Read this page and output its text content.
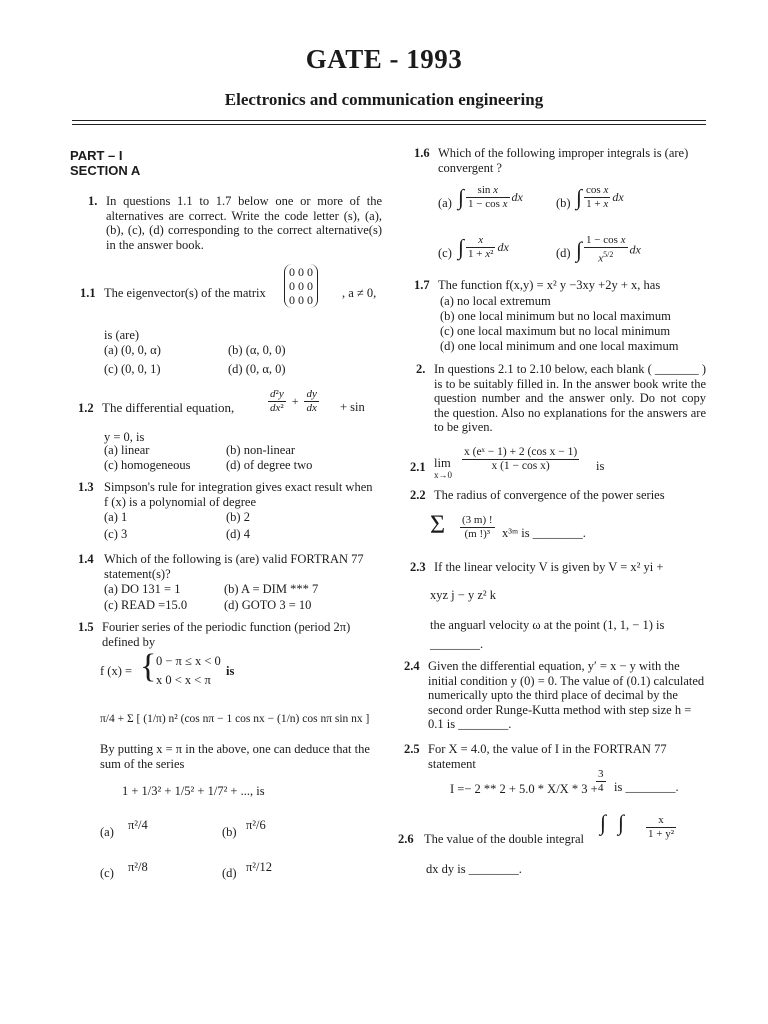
GATE - 1993
Electronics and communication engineering
PART – I
SECTION A
1. In questions 1.1 to 1.7 below one or more of the alternatives are correct. Write the code letter (s), (a), (b), (c), (d) corresponding to the correct alternative(s) in the answer book.
1.1 The eigenvector(s) of the matrix
0 0 0
0 0 0
0 0 0 , a ≠ 0,
is (are)
(a) (0, 0, α)	(b) (α, 0, 0)
(c) (0, 0, 1)	(d) (0, α, 0)
1.2 The differential equation,	$\frac{\text{d²y}}{\text{dx²}} + \frac{dy}{dx} + \sin$
y = 0, is
(a) linear	(b) non-linear
(c) homogeneous	(d) of degree two
1.3 Simpson's rule for integration gives exact result when f (x) is a polynomial of degree
(a) 1	(b) 2
(c) 3	(d) 4
1.4 Which of the following is (are) valid FORTRAN 77 statement(s)?
(a) DO 131 = 1	(b) A = DIM *** 7
(c) READ =15.0	(d) GOTO 3 = 10
1.5 Fourier series of the periodic function (period 2π) defined by
f (x) = { 0 − π ≤ x < 0
x 0 < x < π
is
π/4 + Σ [ (1/π) n² (cos nπ − 1 cos nx − (1/n) cos nπ sin nx ]
By putting x = π in the above, one can deduce that the sum of the series
1 + 1/3² + 1/5² + 1/7² + ..., is
(a) π²/4	(b) π²/6
(c) π²/8	(d) π²/12
1.6 Which of the following improper integrals is (are) convergent ?
(a) ∫ $\frac{\text{sin x}}{\text{1 − cos x}}$ dx	(b) ∫ $\frac{\text{cos x}}{1 + x}$ dx
(c) ∫ $\frac{x}{\text{1 + x²}}$ dx	(d) ∫ $\frac{\text{1 − cos x}}{x^{5/2}}$ dx
1.7 The function f(x,y) = x² y −3xy +2y + x, has
(a) no local extremum
(b) one local minimum but no local maximum
(c) one local maximum but no local minimum
(d) one local minimum and one local maximum
2. In questions 2.1 to 2.10 below, each blank ( _______ ) is to be suitably filled in. In the answer book write the question number and the answer only. Do not copy the question. Also no explanations for the answers are to be given.
2.1 lim
x→0
$\frac{\text{x (eˣ − 1) + 2 (cos x − 1)}}{\text{x (1 − cos x)}}$ is
2.2 The radius of convergence of the power series
Σ $\frac{(3 m) !}{\text{(m !)³}}$ x³ᵐ is ________.
2.3 If the linear velocity V is given by V = x² yi +
xyz j − y z² k
the anguarl velocity ω at the point (1, 1, − 1) is
________.
2.4 Given the differential equation, y′ = x − y with the initial condition y (0) = 0. The value of (0.1) calculated numerically upto the third place of decimal by the second order Runge-Kutta method with step size h = 0.1 is ________.
2.5 For X = 4.0, the value of I in the FORTRAN 77 statement
I =− 2 ** 2 + 5.0 * X/X * 3 +
$\frac{3}{4}$ is ________.
2.6 The value of the double integral
∫ ∫ $\frac{x}{\text{1 + y²}}$
dx dy is ________.
